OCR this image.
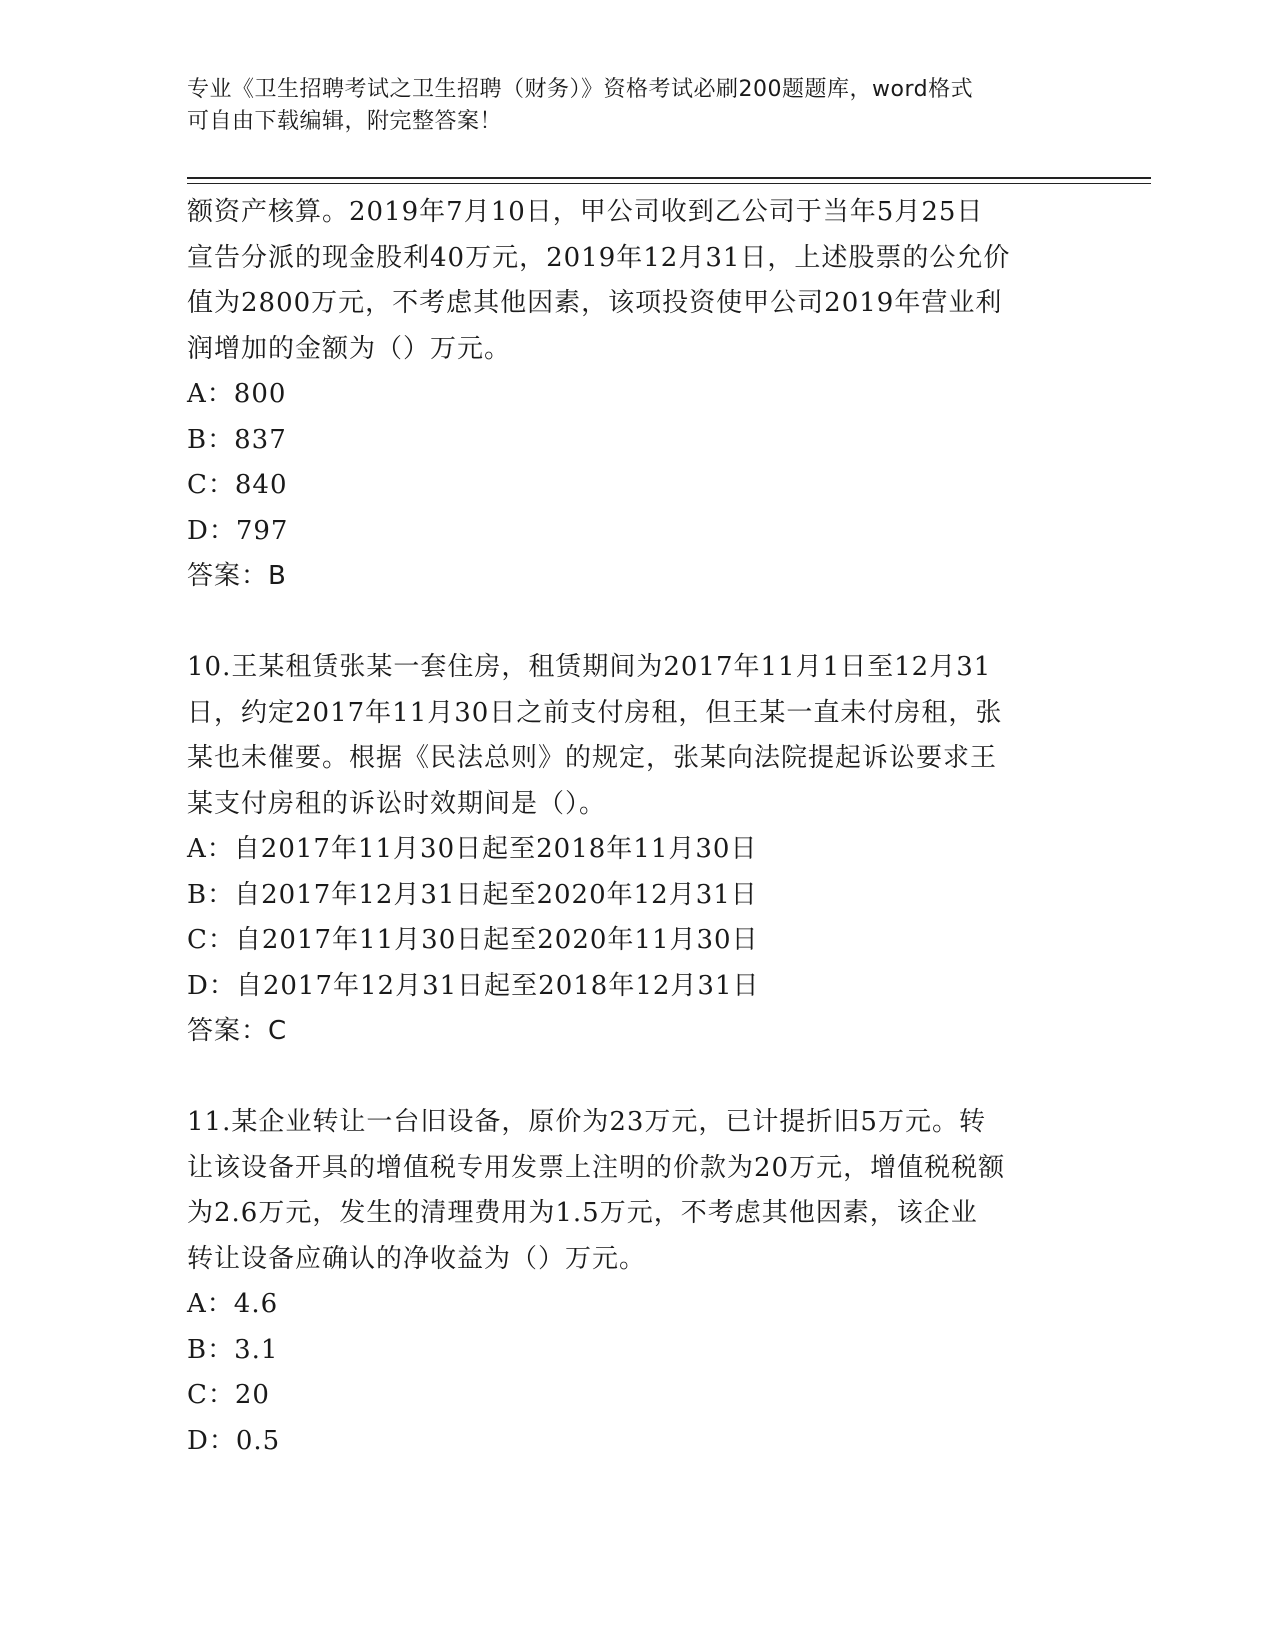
专业《卫生招聘考试之卫生招聘（财务）》资格考试必刷200题题库，word格式
可自由下载编辑，附完整答案！
额资产核算。2019年7月10日，甲公司收到乙公司于当年5月25日
宣告分派的现金股利40万元，2019年12月31日，上述股票的公允价
值为2800万元，不考虑其他因素，该项投资使甲公司2019年营业利
润增加的金额为（）万元。
A：800
B：837
C：840
D：797
答案：B
10.王某租赁张某一套住房，租赁期间为2017年11月1日至12月31
日，约定2017年11月30日之前支付房租，但王某一直未付房租，张
某也未催要。根据《民法总则》的规定，张某向法院提起诉讼要求王
某支付房租的诉讼时效期间是（）。
A：自2017年11月30日起至2018年11月30日
B：自2017年12月31日起至2020年12月31日
C：自2017年11月30日起至2020年11月30日
D：自2017年12月31日起至2018年12月31日
答案：C
11.某企业转让一台旧设备，原价为23万元，已计提折旧5万元。转
让该设备开具的增值税专用发票上注明的价款为20万元，增值税税额
为2.6万元，发生的清理费用为1.5万元，不考虑其他因素，该企业
转让设备应确认的净收益为（）万元。
A：4.6
B：3.1
C：20
D：0.5
